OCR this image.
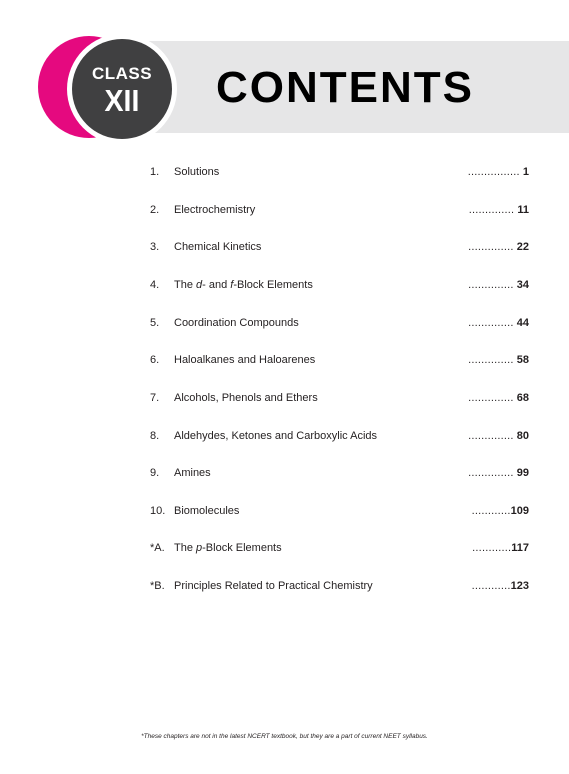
CLASS
XII CONTENTS
1. Solutions	................ 1
2. Electrochemistry	.............. 11
3. Chemical Kinetics	.............. 22
4. The d- and f-Block Elements	.............. 34
5. Coordination Compounds	.............. 44
6. Haloalkanes and Haloarenes	.............. 58
7. Alcohols, Phenols and Ethers	.............. 68
8. Aldehydes, Ketones and Carboxylic Acids	.............. 80
9. Amines	.............. 99
10. Biomolecules	............109
*A. The p-Block Elements	............117
*B. Principles Related to Practical Chemistry	............123
*These chapters are not in the latest NCERT textbook, but they are a part of current NEET syllabus.
